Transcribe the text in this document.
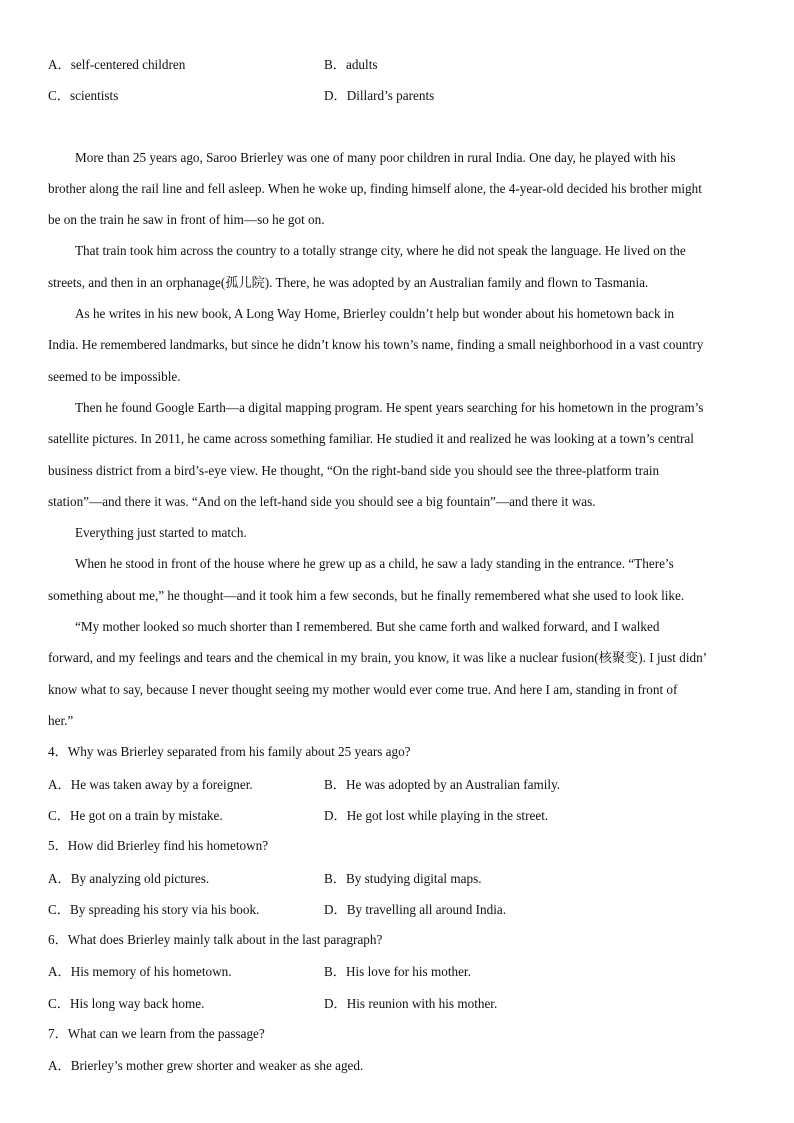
A．self-centered children	B．adults
C．scientists	D．Dillard’s parents
More than 25 years ago, Saroo Brierley was one of many poor children in rural India. One day, he played with his
brother along the rail line and fell asleep. When he woke up, finding himself alone, the 4-year-old decided his brother might
be on the train he saw in front of him—so he got on.
That train took him across the country to a totally strange city, where he did not speak the language. He lived on the
streets, and then in an orphanage(孤儿院). There, he was adopted by an Australian family and flown to Tasmania.
As he writes in his new book, A Long Way Home, Brierley couldn’t help but wonder about his hometown back in
India. He remembered landmarks, but since he didn’t know his town’s name, finding a small neighborhood in a vast country
seemed to be impossible.
Then he found Google Earth—a digital mapping program. He spent years searching for his hometown in the program’s
satellite pictures. In 2011, he came across something familiar. He studied it and realized he was looking at a town’s central
business district from a bird’s-eye view. He thought, “On the right-band side you should see the three-platform train
station”—and there it was. “And on the left-hand side you should see a big fountain”—and there it was.
Everything just started to match.
When he stood in front of the house where he grew up as a child, he saw a lady standing in the entrance. “There’s
something about me,” he thought—and it took him a few seconds, but he finally remembered what she used to look like.
“My mother looked so much shorter than I remembered. But she came forth and walked forward, and I walked
forward, and my feelings and tears and the chemical in my brain, you know, it was like a nuclear fusion(核聚变). I just didn’
know what to say, because I never thought seeing my mother would ever come true. And here I am, standing in front of
her.”
4．Why was Brierley separated from his family about 25 years ago?
A．He was taken away by a foreigner.	B．He was adopted by an Australian family.
C．He got on a train by mistake.	D．He got lost while playing in the street.
5．How did Brierley find his hometown?
A．By analyzing old pictures.	B．By studying digital maps.
C．By spreading his story via his book.	D．By travelling all around India.
6．What does Brierley mainly talk about in the last paragraph?
A．His memory of his hometown.	B．His love for his mother.
C．His long way back home.	D．His reunion with his mother.
7．What can we learn from the passage?
A．Brierley’s mother grew shorter and weaker as she aged.
